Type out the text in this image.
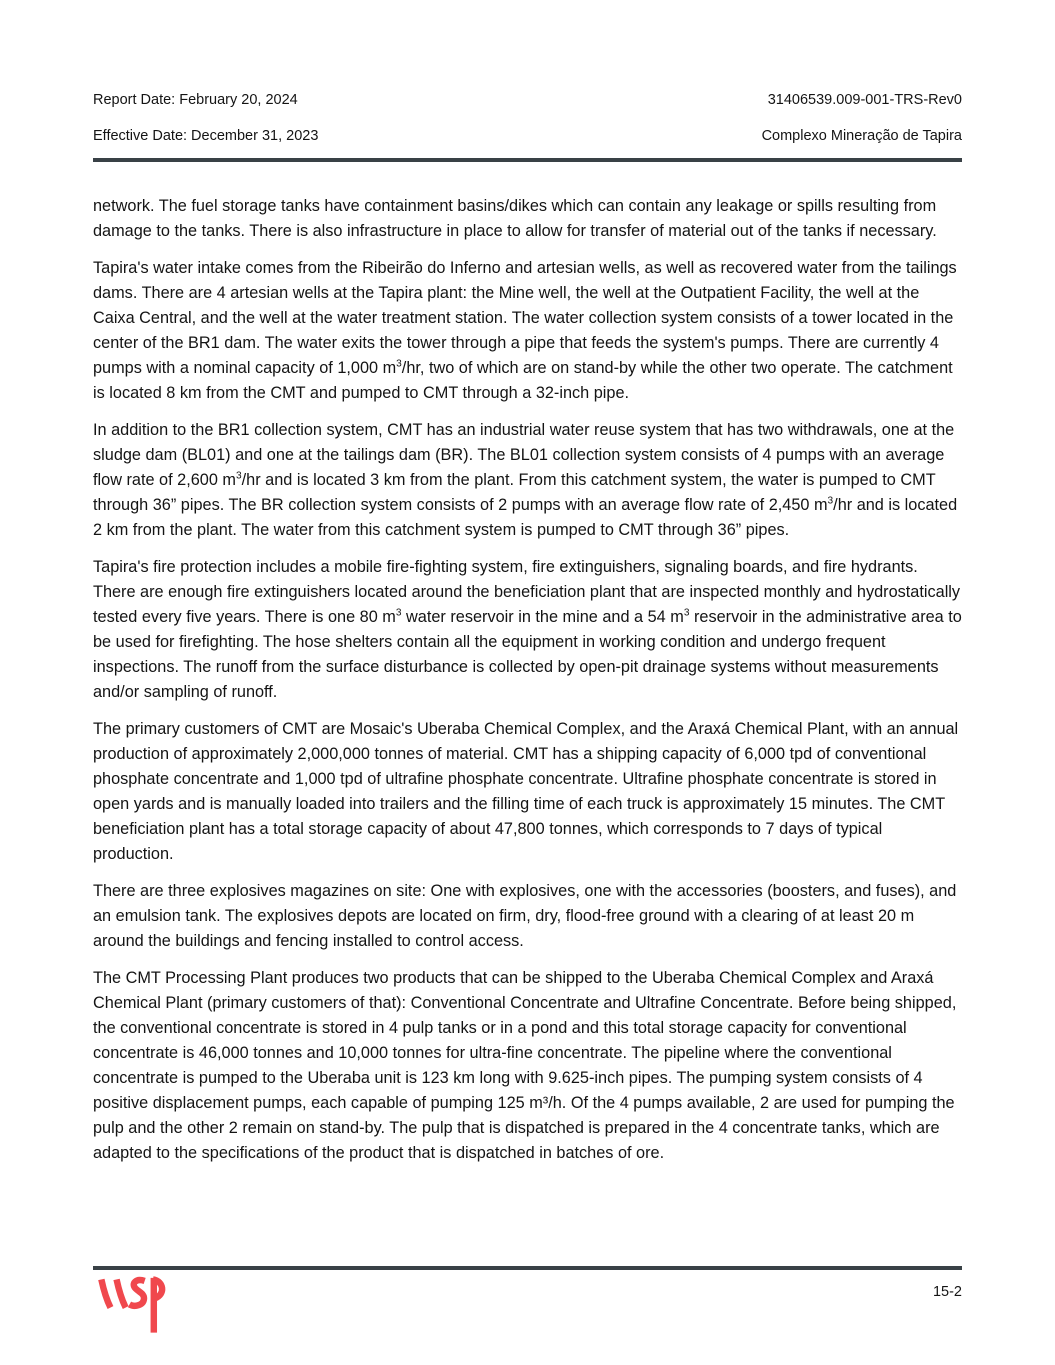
Report Date: February 20, 2024
Effective Date: December 31, 2023
31406539.009-001-TRS-Rev0
Complexo Mineração de Tapira

network. The fuel storage tanks have containment basins/dikes which can contain any leakage or spills resulting from damage to the tanks. There is also infrastructure in place to allow for transfer of material out of the tanks if necessary.

Tapira's water intake comes from the Ribeirão do Inferno and artesian wells, as well as recovered water from the tailings dams. There are 4 artesian wells at the Tapira plant: the Mine well, the well at the Outpatient Facility, the well at the Caixa Central, and the well at the water treatment station. The water collection system consists of a tower located in the center of the BR1 dam. The water exits the tower through a pipe that feeds the system's pumps. There are currently 4 pumps with a nominal capacity of 1,000 $m^3/hr$, two of which are on stand-by while the other two operate. The catchment is located 8 km from the CMT and pumped to CMT through a 32-inch pipe.

In addition to the BR1 collection system, CMT has an industrial water reuse system that has two withdrawals, one at the sludge dam (BL01) and one at the tailings dam (BR). The BL01 collection system consists of 4 pumps with an average flow rate of 2,600 $m^3/hr$ and is located 3 km from the plant. From this catchment system, the water is pumped to CMT through 36” pipes. The BR collection system consists of 2 pumps with an average flow rate of 2,450 $m^3/hr$ and is located 2 km from the plant. The water from this catchment system is pumped to CMT through 36” pipes.

Tapira's fire protection includes a mobile fire-fighting system, fire extinguishers, signaling boards, and fire hydrants. There are enough fire extinguishers located around the beneficiation plant that are inspected monthly and hydrostatically tested every five years. There is one 80 $m^3$ water reservoir in the mine and a 54 $m^3$ reservoir in the administrative area to be used for firefighting. The hose shelters contain all the equipment in working condition and undergo frequent inspections. The runoff from the surface disturbance is collected by open-pit drainage systems without measurements and/or sampling of runoff.

The primary customers of CMT are Mosaic's Uberaba Chemical Complex, and the Araxá Chemical Plant, with an annual production of approximately 2,000,000 tonnes of material. CMT has a shipping capacity of 6,000 tpd of conventional phosphate concentrate and 1,000 tpd of ultrafine phosphate concentrate. Ultrafine phosphate concentrate is stored in open yards and is manually loaded into trailers and the filling time of each truck is approximately 15 minutes. The CMT beneficiation plant has a total storage capacity of about 47,800 tonnes, which corresponds to 7 days of typical production.

There are three explosives magazines on site: One with explosives, one with the accessories (boosters, and fuses), and an emulsion tank. The explosives depots are located on firm, dry, flood-free ground with a clearing of at least 20 m around the buildings and fencing installed to control access.

The CMT Processing Plant produces two products that can be shipped to the Uberaba Chemical Complex and Araxá Chemical Plant (primary customers of that): Conventional Concentrate and Ultrafine Concentrate. Before being shipped, the conventional concentrate is stored in 4 pulp tanks or in a pond and this total storage capacity for conventional concentrate is 46,000 tonnes and 10,000 tonnes for ultra-fine concentrate. The pipeline where the conventional concentrate is pumped to the Uberaba unit is 123 km long with 9.625-inch pipes. The pumping system consists of 4 positive displacement pumps, each capable of pumping 125 m³/h. Of the 4 pumps available, 2 are used for pumping the pulp and the other 2 remain on stand-by. The pulp that is dispatched is prepared in the 4 concentrate tanks, which are adapted to the specifications of the product that is dispatched in batches of ore.

15-2
